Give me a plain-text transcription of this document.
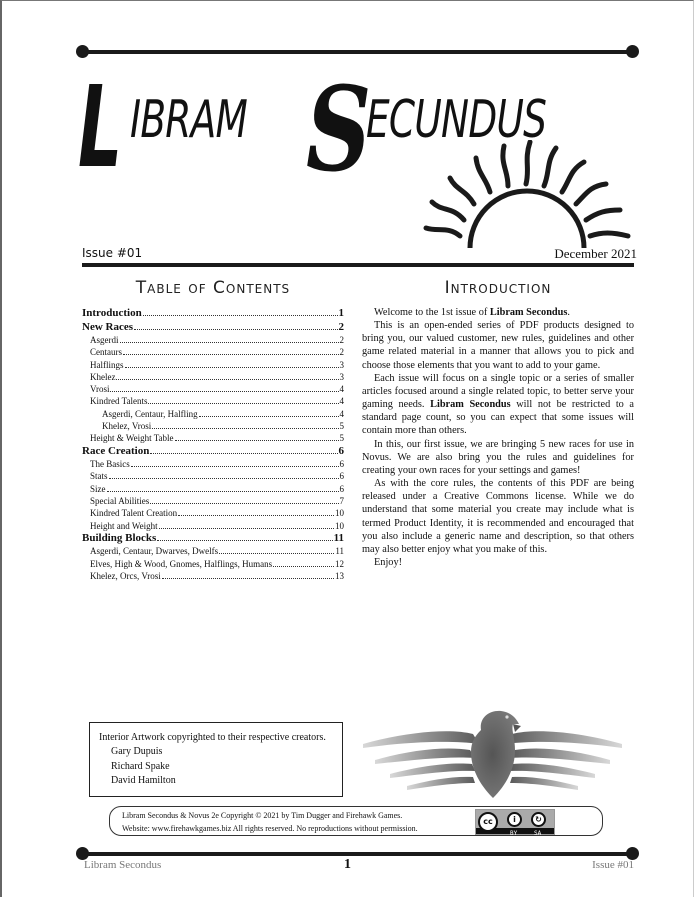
L IBRAM S
ECUNDUS
Issue #01	December 2021
Table of Contents	Introduction
Introduction	1
New Races	2
Asgerdi	2
Centaurs	2
Halflings	3
Khelez	3
Vrosi	4
Kindred Talents	4
Asgerdi, Centaur, Halfling	4
Khelez, Vrosi	5
Height & Weight Table	5
Race Creation	6
The Basics	6
Stats	6
Size	6
Special Abilities	7
Kindred Talent Creation	10
Height and Weight	10
Building Blocks	11
Asgerdi, Centaur, Dwarves, Dwelfs	11
Elves, High & Wood, Gnomes, Halflings, Humans	12
Khelez, Orcs, Vrosi	13

Welcome to the 1st issue of Libram Secondus.

This is an open-ended series of PDF products designed to bring you, our valued customer, new rules, guidelines and other game related material in a manner that allows you to pick and choose those elements that you want to add to your game.

Each issue will focus on a single topic or a series of smaller articles focused around a single related topic, to better serve your gaming needs. Libram Secondus will not be restricted to a standard page count, so you can expect that some issues will contain more than others.

In this, our first issue, we are bringing 5 new races for use in Novus. We are also bring you the rules and guidelines for creating your own races for your settings and games!

As with the core rules, the contents of this PDF are being released under a Creative Commons license. While we do understand that some material you create may include what is termed Product Identity, it is recommended and encouraged that you also include a generic name and description, so that others may also better enjoy what you make of this.

Enjoy!

Interior Artwork copyrighted to their respective creators.
Gary Dupuis
Richard Spake
David Hamilton
Libram Secondus & Novus 2e Copyright © 2021 by Tim Dugger and Firehawk Games.
Website: www.firehawkgames.biz All rights reserved. No reproductions without permission.
cc	i	↻
BY	SA
Libram Secondus	1	Issue #01
